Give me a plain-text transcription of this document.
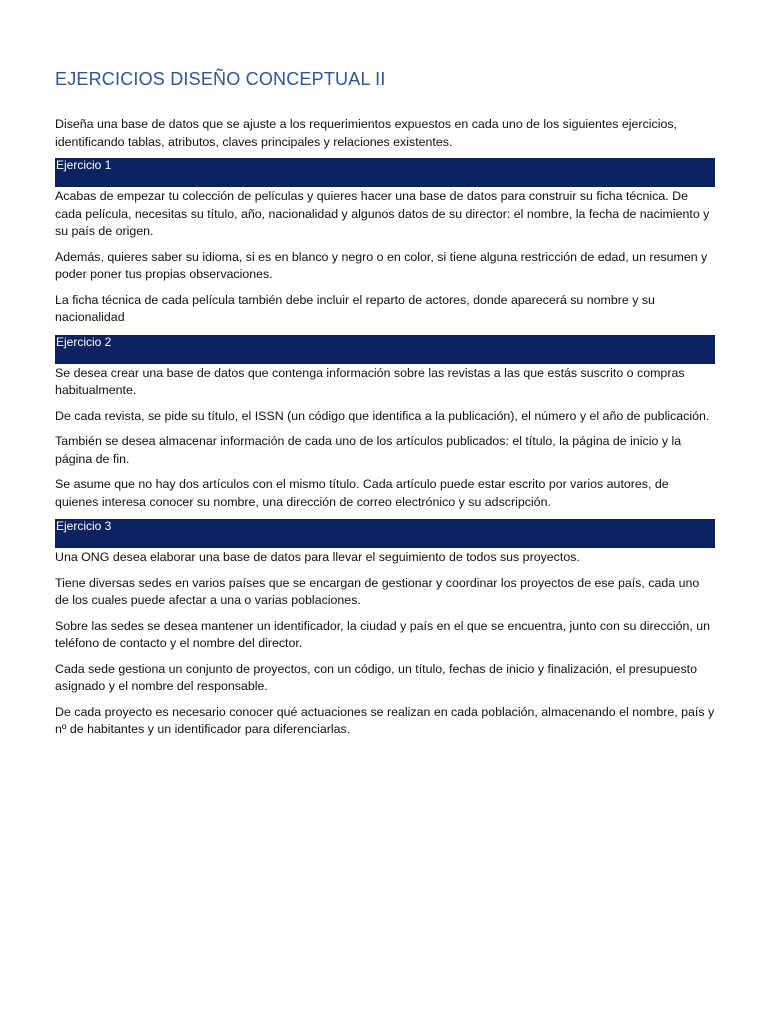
EJERCICIOS DISEÑO CONCEPTUAL II

Diseña una base de datos que se ajuste a los requerimientos expuestos en cada uno de los siguientes ejercicios, identificando tablas, atributos, claves principales y relaciones existentes.

Ejercicio 1

Acabas de empezar tu colección de películas y quieres hacer una base de datos para construir su ficha técnica. De cada película, necesitas su título, año, nacionalidad y algunos datos de su director: el nombre, la fecha de nacimiento y su país de origen.

Además, quieres saber su idioma, si es en blanco y negro o en color, si tiene alguna restricción de edad, un resumen y poder poner tus propias observaciones.

La ficha técnica de cada película también debe incluir el reparto de actores, donde aparecerá su nombre y su nacionalidad

Ejercicio 2

Se desea crear una base de datos que contenga información sobre las revistas a las que estás suscrito o compras habitualmente.

De cada revista, se pide su título, el ISSN (un código que identifica a la publicación), el número y el año de publicación.

También se desea almacenar información de cada uno de los artículos publicados: el título, la página de inicio y la página de fin.

Se asume que no hay dos artículos con el mismo título. Cada artículo puede estar escrito por varios autores, de quienes interesa conocer su nombre, una dirección de correo electrónico y su adscripción.

Ejercicio 3

Una ONG desea elaborar una base de datos para llevar el seguimiento de todos sus proyectos.

Tiene diversas sedes en varios países que se encargan de gestionar y coordinar los proyectos de ese país, cada uno de los cuales puede afectar a una o varias poblaciones.

Sobre las sedes se desea mantener un identificador, la ciudad y país en el que se encuentra, junto con su dirección, un teléfono de contacto y el nombre del director.

Cada sede gestiona un conjunto de proyectos, con un código, un título, fechas de inicio y finalización, el presupuesto asignado y el nombre del responsable.

De cada proyecto es necesario conocer qué actuaciones se realizan en cada población, almacenando el nombre, país y nº de habitantes y un identificador para diferenciarlas.
